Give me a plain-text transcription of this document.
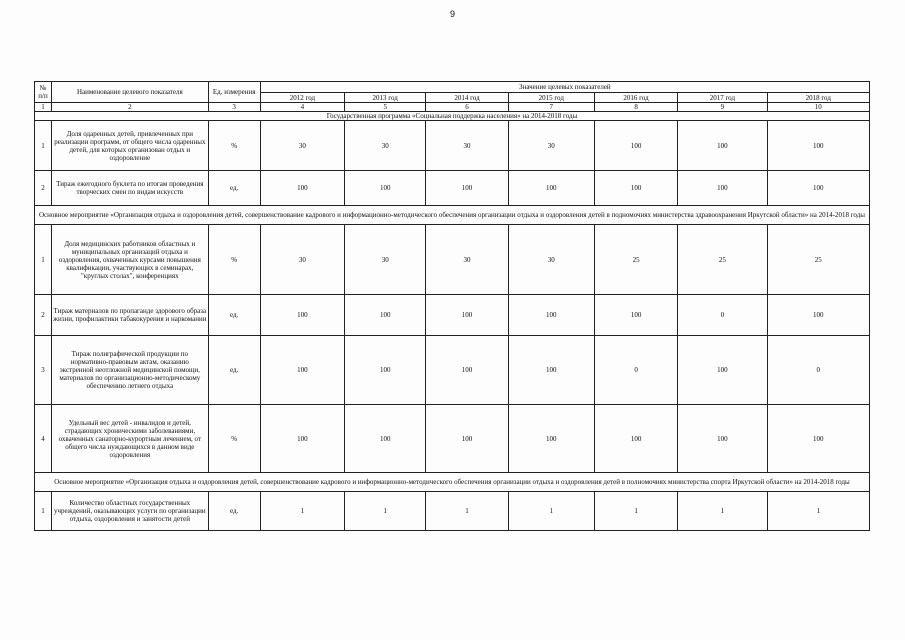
9
№ п/п	Наименование целевого показателя	Ед. измерения	Значение целевых показателей						
			2012 год	2013 год	2014 год	2015 год	2016 год	2017 год	2018 год
1	2	3	4	5	6	7	8	9	10
Государственная программа «Социальная поддержка населения» на 2014-2018 годы									
1	Доля одаренных детей, привлеченных при реализации программ, от общего числа одаренных детей, для которых организован отдых и оздоровление	%	30	30	30	30	100	100	100
2	Тираж ежегодного буклета по итогам проведения творческих смен по видам искусств	ед.	100	100	100	100	100	100	100
Основное мероприятие «Организация отдыха и оздоровления детей, совершенствование кадрового и информационно-методического обеспечения организации отдыха и оздоровления детей в подномочиях министерства здравоохранения Иркутской области» на 2014-2018 годы									
1	Доля медицинских работников областных и муниципальных организаций отдыха и оздоровления, охваченных курсами повышения квалификации, участвующих в семинарах, "круглых столах", конференциях	%	30	30	30	30	25	25	25
2	Тираж материалов по пропаганде здорового образа жизни, профилактики табакокурения и наркомании	ед.	100	100	100	100	100	0	100
3	Тираж полиграфической продукции по нормативно-правовым актам, оказанию экстренной неотложной медицинской помощи, материалов по организационно-методическому обеспечению летнего отдыха	ед.	100	100	100	100	0	100	0
4	Удельный вес детей - инвалидов и детей, страдающих хроническими заболеваниями, охваченных санаторно-курортным лечением, от общего числа нуждающихся в данном виде оздоровления	%	100	100	100	100	100	100	100
Основное мероприятие «Организация отдыха и оздоровления детей, совершенствование кадрового и информационно-методического обеспечения организации отдыха и оздоровления детей в полномочиях министерства спорта Иркутской области» на 2014-2018 годы									
1	Количество областных государственных учреждений, оказывающих услуги по организации отдыха, оздоровления и занятости детей	ед.	1	1	1	1	1	1	1
